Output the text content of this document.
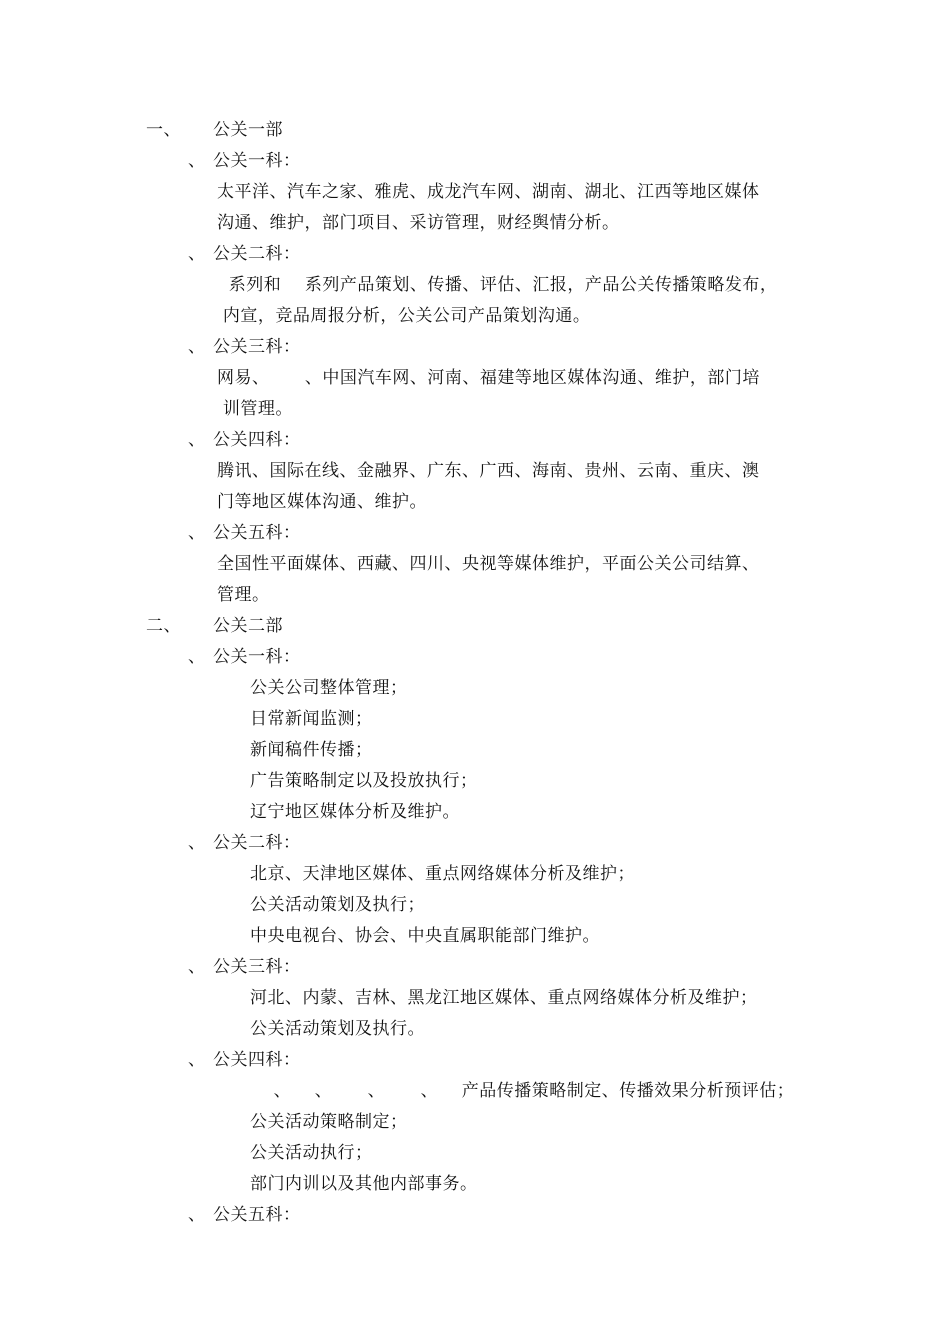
一、 公关一部
、 公关一科：
太平洋、汽车之家、雅虎、成龙汽车网、湖南、湖北、江西等地区媒体
沟通、维护，部门项目、采访管理，财经舆情分析。
、 公关二科：
系列和    系列产品策划、传播、评估、汇报，产品公关传播策略发布，
内宣，竞品周报分析，公关公司产品策划沟通。
、 公关三科：
网易、      、中国汽车网、河南、福建等地区媒体沟通、维护，部门培
训管理。
、 公关四科：
腾讯、国际在线、金融界、广东、广西、海南、贵州、云南、重庆、澳
门等地区媒体沟通、维护。
、 公关五科：
全国性平面媒体、西藏、四川、央视等媒体维护，平面公关公司结算、
管理。
二、 公关二部
、 公关一科：
公关公司整体管理；
日常新闻监测；
新闻稿件传播；
广告策略制定以及投放执行；
辽宁地区媒体分析及维护。
、 公关二科：
北京、天津地区媒体、重点网络媒体分析及维护；
公关活动策划及执行；
中央电视台、协会、中央直属职能部门维护。
、 公关三科：
河北、内蒙、吉林、黑龙江地区媒体、重点网络媒体分析及维护；
公关活动策划及执行。
、 公关四科：
、    、      、      、    产品传播策略制定、传播效果分析预评估；
公关活动策略制定；
公关活动执行；
部门内训以及其他内部事务。
、 公关五科：
